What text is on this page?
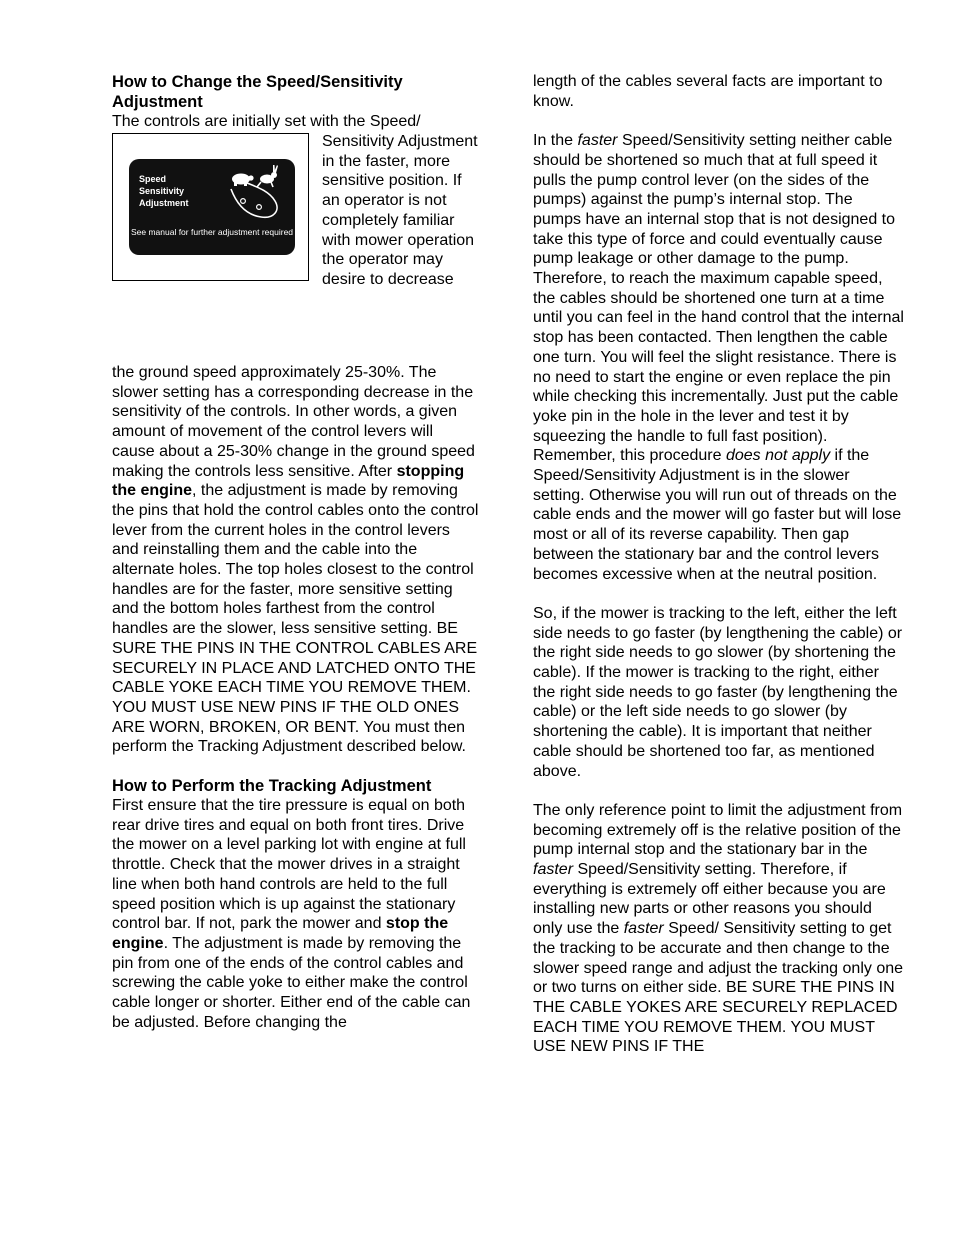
How to Change the Speed/Sensitivity Adjustment
The controls are initially set with the Speed/
Speed
Sensitivity
Adjustment
See manual for further adjustment required

Sensitivity Adjustment in the faster, more sensitive position. If an operator is not completely familiar with mower operation the operator may desire to decrease

the ground speed approximately 25-30%. The slower setting has a corresponding decrease in the sensitivity of the controls. In other words, a given amount of movement of the control levers will cause about a 25-30% change in the ground speed making the controls less sensitive. After stopping the engine, the adjustment is made by removing the pins that hold the control cables onto the control lever from the current holes in the control levers and reinstalling them and the cable into the alternate holes. The top holes closest to the control handles are for the faster, more sensitive setting and the bottom holes farthest from the control handles are the slower, less sensitive setting. BE SURE THE PINS IN THE CONTROL CABLES ARE SECURELY IN PLACE AND LATCHED ONTO THE CABLE YOKE EACH TIME YOU REMOVE THEM. YOU MUST USE NEW PINS IF THE OLD ONES ARE WORN, BROKEN, OR BENT. You must then perform the Tracking Adjustment described below.

How to Perform the Tracking Adjustment

First ensure that the tire pressure is equal on both rear drive tires and equal on both front tires. Drive the mower on a level parking lot with engine at full throttle. Check that the mower drives in a straight line when both hand controls are held to the full speed position which is up against the stationary control bar. If not, park the mower and stop the engine. The adjustment is made by removing the pin from one of the ends of the control cables and screwing the cable yoke to either make the control cable longer or shorter. Either end of the cable can be adjusted. Before changing the

length of the cables several facts are important to know.

In the faster Speed/Sensitivity setting neither cable should be shortened so much that at full speed it pulls the pump control lever (on the sides of the pumps) against the pump’s internal stop. The pumps have an internal stop that is not designed to take this type of force and could eventually cause pump leakage or other damage to the pump. Therefore, to reach the maximum capable speed, the cables should be shortened one turn at a time until you can feel in the hand control that the internal stop has been contacted. Then lengthen the cable one turn. You will feel the slight resistance. There is no need to start the engine or even replace the pin while checking this incrementally. Just put the cable yoke pin in the hole in the lever and test it by squeezing the handle to full fast position). Remember, this procedure does not apply if the Speed/Sensitivity Adjustment is in the slower setting. Otherwise you will run out of threads on the cable ends and the mower will go faster but will lose most or all of its reverse capability. Then gap between the stationary bar and the control levers becomes excessive when at the neutral position.

So, if the mower is tracking to the left, either the left side needs to go faster (by lengthening the cable) or the right side needs to go slower (by shortening the cable). If the mower is tracking to the right, either the right side needs to go faster (by lengthening the cable) or the left side needs to go slower (by shortening the cable). It is important that neither cable should be shortened too far, as mentioned above.

The only reference point to limit the adjustment from becoming extremely off is the relative position of the pump internal stop and the stationary bar in the faster Speed/Sensitivity setting. Therefore, if everything is extremely off either because you are installing new parts or other reasons you should only use the faster Speed/ Sensitivity setting to get the tracking to be accurate and then change to the slower speed range and adjust the tracking only one or two turns on either side. BE SURE THE PINS IN THE CABLE YOKES ARE SECURELY REPLACED EACH TIME YOU REMOVE THEM. YOU MUST USE NEW PINS IF THE
